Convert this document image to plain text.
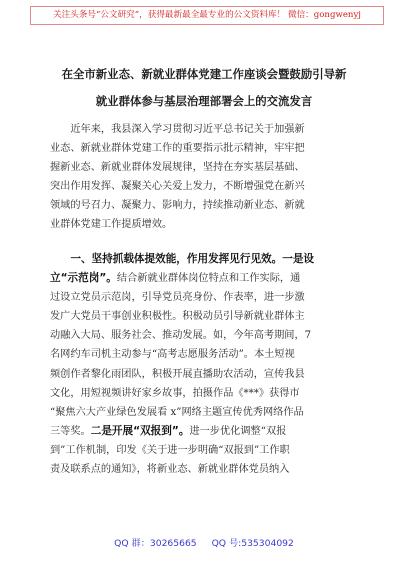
关注头条号“公文研究”，获得最新最全最专业的公文资料库！ 微信：gongwenyj
在全市新业态、新就业群体党建工作座谈会暨鼓励引导新
就业群体参与基层治理部署会上的交流发言
　　近年来，我县深入学习贯彻习近平总书记关于加强新
业态、新就业群体党建工作的重要指示批示精神，牢牢把
握新业态、新就业群体发展规律，坚持在夯实基层基础、
突出作用发挥、凝聚关心关爱上发力，不断增强党在新兴
领域的号召力、凝聚力、影响力，持续推动新业态、新就
业群体党建工作提质增效。
　　一、坚持抓载体提效能，作用发挥见行见效。一是设
立“示范岗”。结合新就业群体岗位特点和工作实际，通
过设立党员示范岗，引导党员亮身份、作表率，进一步激
发广大党员干事创业积极性。积极动员引导新就业群体主
动融入大局、服务社会、推动发展。如，今年高考期间，7
名网约车司机主动参与“高考志愿服务活动”。本土短视
频创作者黎化雨团队，积极开展直播助农活动，宣传我县
文化，用短视频讲好家乡故事，拍摄作品《***》获得市
“聚焦六大产业绿色发展看 x”网络主题宣传优秀网络作品
三等奖。二是开展“双报到”。进一步优化调整“双报
到”工作机制，印发《关于进一步明确“双报到”工作职
责及联系点的通知》，将新业态、新就业群体党员纳入
QQ 群：30265665 QQ 号:535304092
